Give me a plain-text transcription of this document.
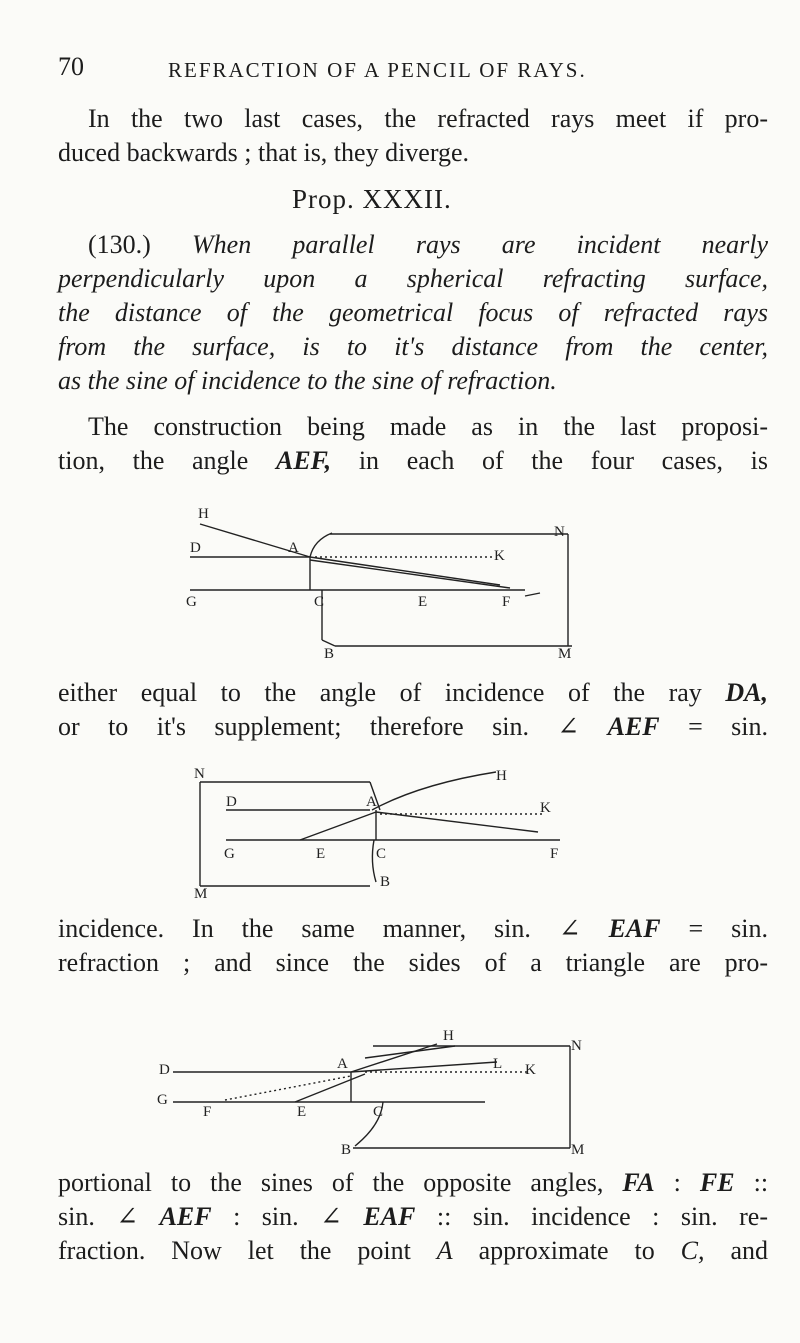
70	REFRACTION OF A PENCIL OF RAYS.
In the two last cases, the refracted rays meet if pro-
duced backwards ; that is, they diverge.
Prop. XXXII.
(130.) When parallel rays are incident nearly
perpendicularly upon a spherical refracting surface,
the distance of the geometrical focus of refracted rays
from the surface, is to it's distance from the center,
as the sine of incidence to the sine of refraction.
The construction being made as in the last proposi-
tion, the angle AEF, in each of the four cases, is
H
D	A	K
N
G	C	E	F
B	M
either equal to the angle of incidence of the ray DA,
or to it's supplement; therefore sin. ∠ AEF = sin.
N	H
D	A	K
G	E	C	F
M
B
incidence. In the same manner, sin. ∠ EAF = sin.
refraction ; and since the sides of a triangle are pro-
H
N
D	A	L K
G
F	E	C
B	M
portional to the sines of the opposite angles, FA : FE ::
sin. ∠ AEF : sin. ∠ EAF :: sin. incidence : sin. re-
fraction. Now let the point A approximate to C, and
